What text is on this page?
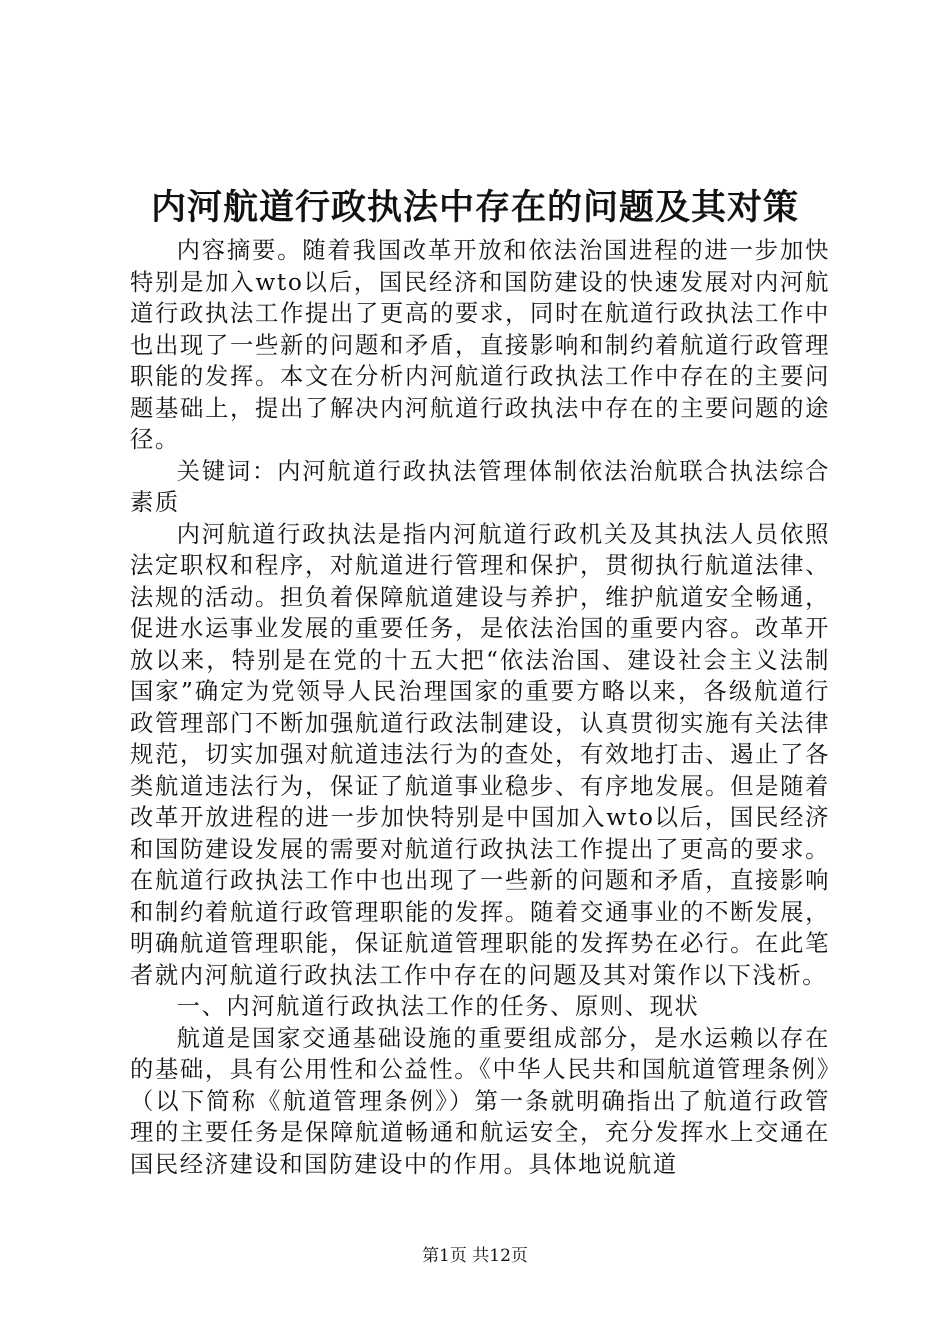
内河航道行政执法中存在的问题及其对策

内容摘要。随着我国改革开放和依法治国进程的进一步加快特别是加入wto以后，国民经济和国防建设的快速发展对内河航道行政执法工作提出了更高的要求，同时在航道行政执法工作中也出现了一些新的问题和矛盾，直接影响和制约着航道行政管理职能的发挥。本文在分析内河航道行政执法工作中存在的主要问题基础上，提出了解决内河航道行政执法中存在的主要问题的途径。

关键词：内河航道行政执法管理体制依法治航联合执法综合素质

内河航道行政执法是指内河航道行政机关及其执法人员依照法定职权和程序，对航道进行管理和保护，贯彻执行航道法律、法规的活动。担负着保障航道建设与养护，维护航道安全畅通，促进水运事业发展的重要任务，是依法治国的重要内容。改革开放以来，特别是在党的十五大把“依法治国、建设社会主义法制国家”确定为党领导人民治理国家的重要方略以来，各级航道行政管理部门不断加强航道行政法制建设，认真贯彻实施有关法律规范，切实加强对航道违法行为的查处，有效地打击、遏止了各类航道违法行为，保证了航道事业稳步、有序地发展。但是随着改革开放进程的进一步加快特别是中国加入wto以后，国民经济和国防建设发展的需要对航道行政执法工作提出了更高的要求。在航道行政执法工作中也出现了一些新的问题和矛盾，直接影响和制约着航道行政管理职能的发挥。随着交通事业的不断发展，明确航道管理职能，保证航道管理职能的发挥势在必行。在此笔者就内河航道行政执法工作中存在的问题及其对策作以下浅析。

一、内河航道行政执法工作的任务、原则、现状

航道是国家交通基础设施的重要组成部分，是水运赖以存在的基础，具有公用性和公益性。《中华人民共和国航道管理条例》（以下简称《航道管理条例》）第一条就明确指出了航道行政管理的主要任务是保障航道畅通和航运安全，充分发挥水上交通在国民经济建设和国防建设中的作用。具体地说航道

第1页 共12页
